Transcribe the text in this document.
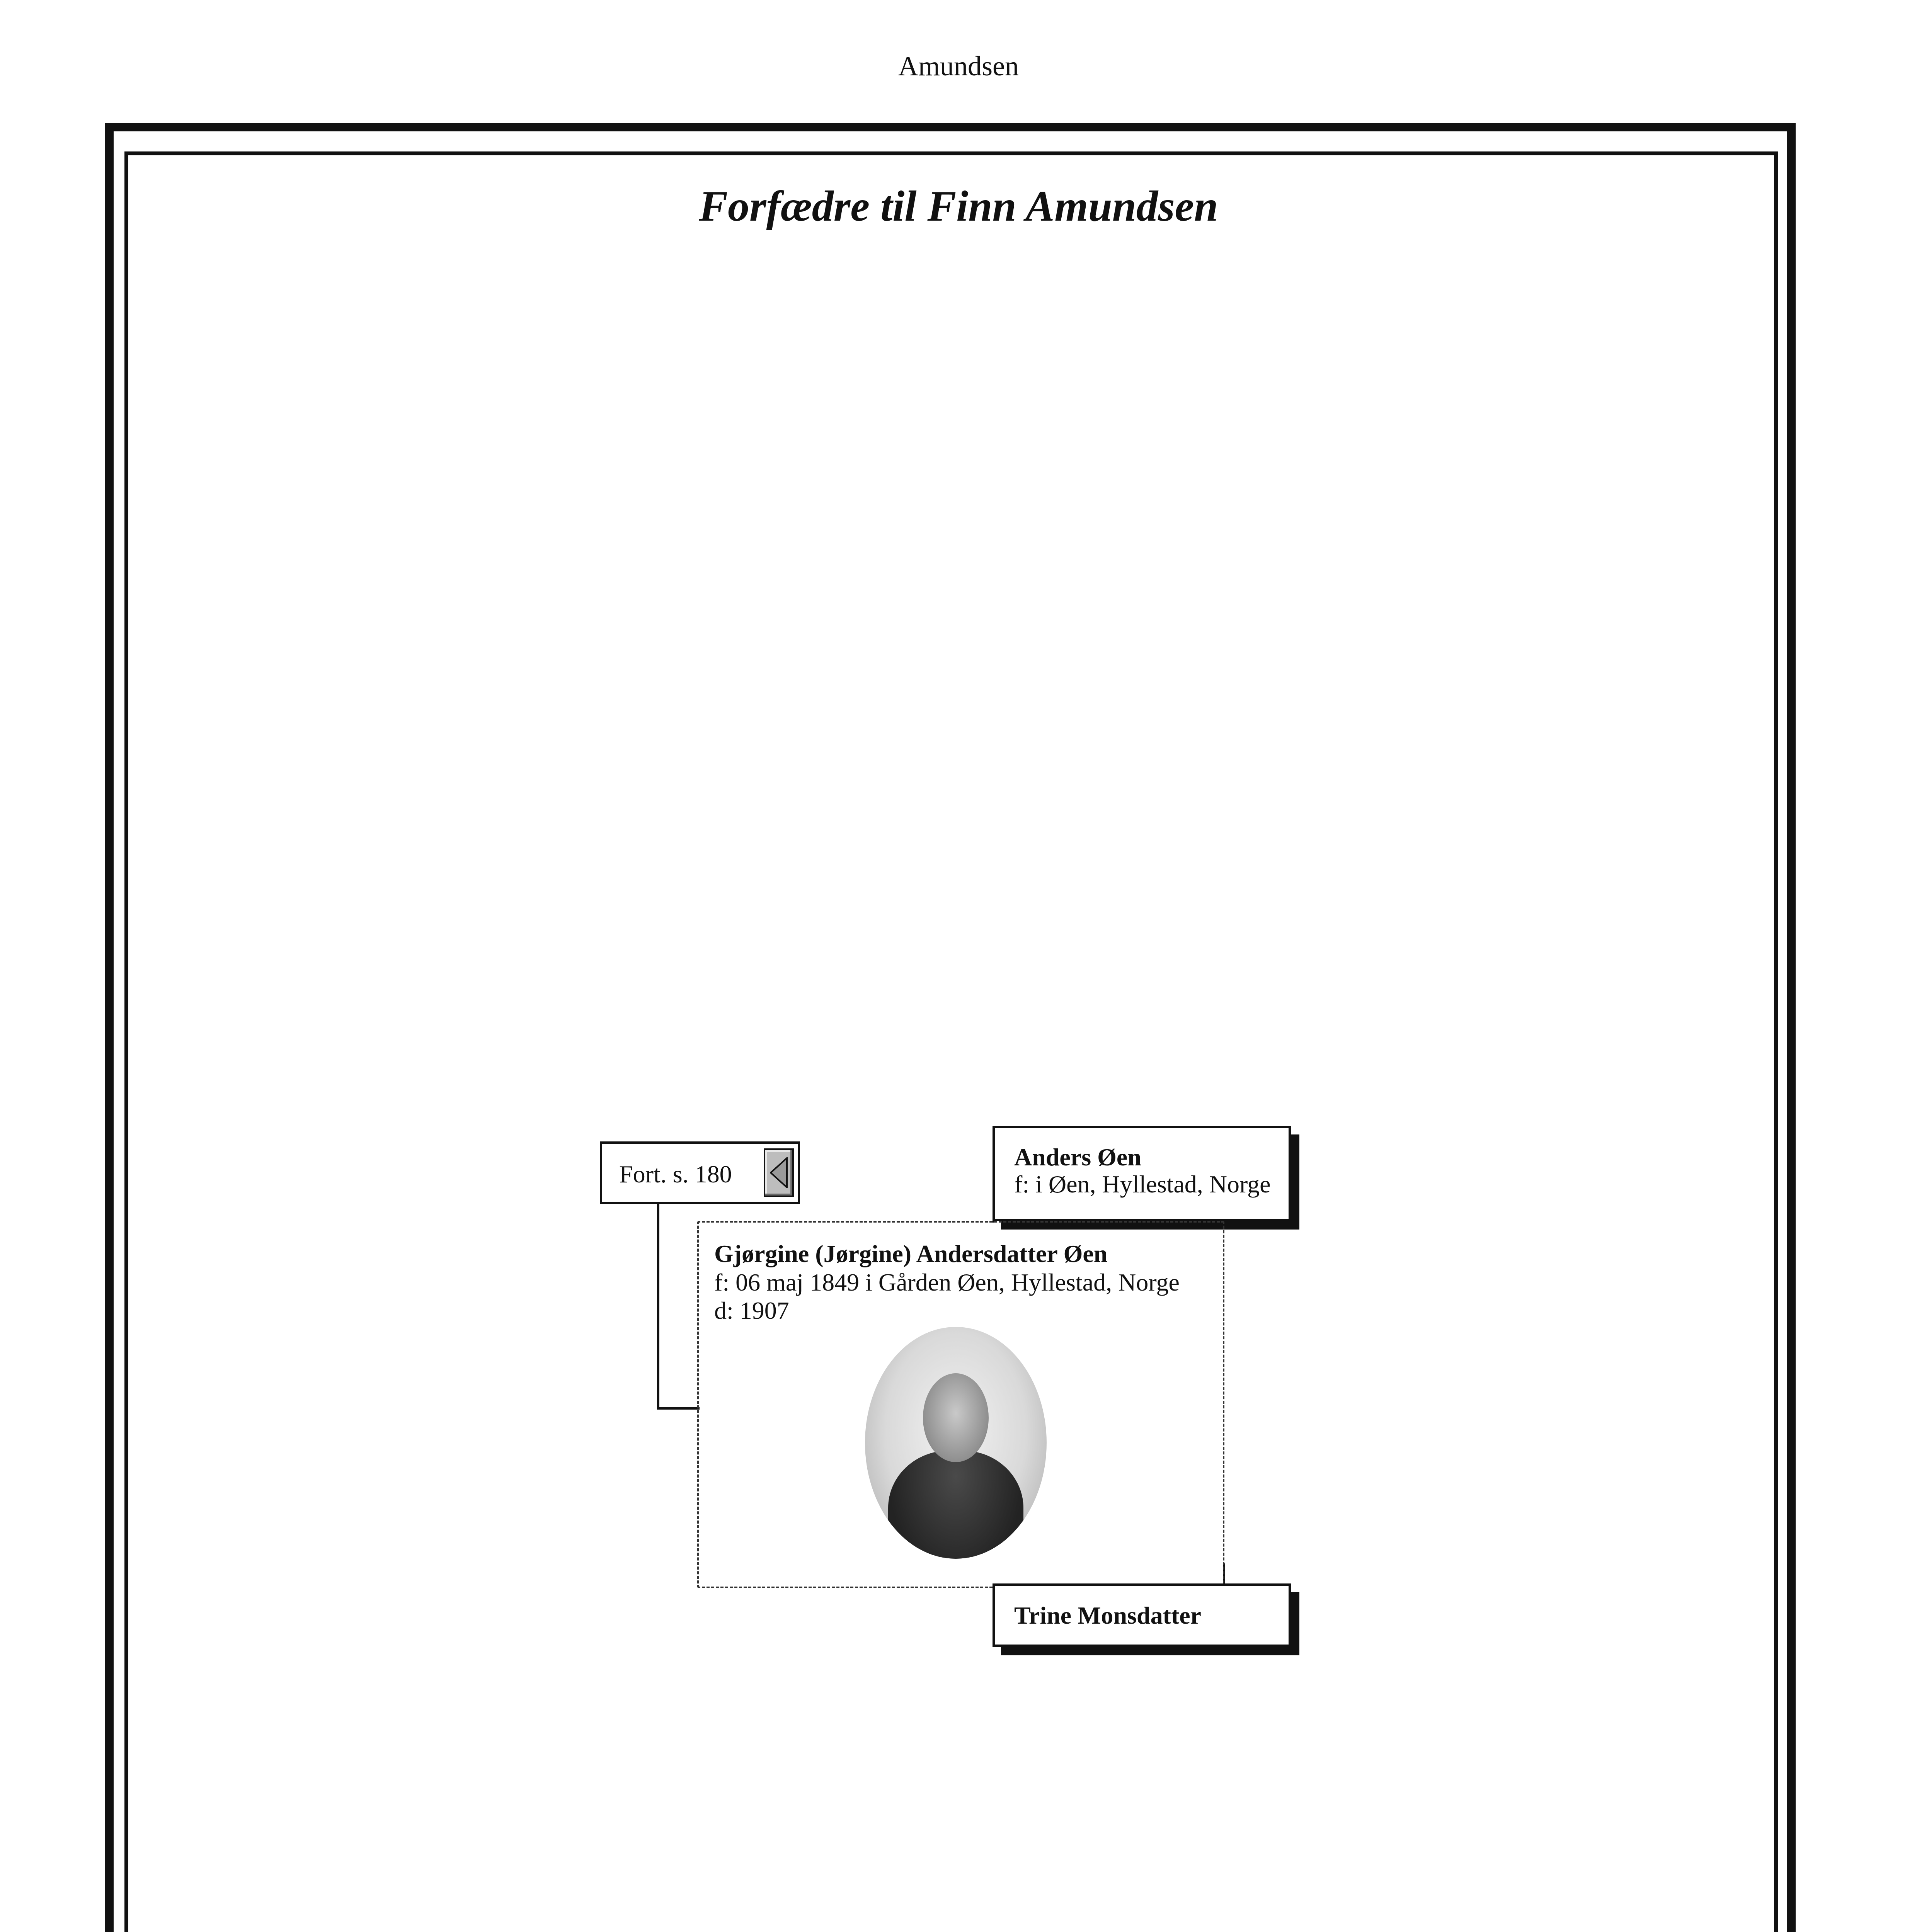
Amundsen
Forfædre til Finn Amundsen
Fort. s. 180
Anders Øen
f: i Øen, Hyllestad, Norge
Gjørgine (Jørgine) Andersdatter Øen
f: 06 maj 1849 i Gården Øen, Hyllestad, Norge
d: 1907
Trine Monsdatter
